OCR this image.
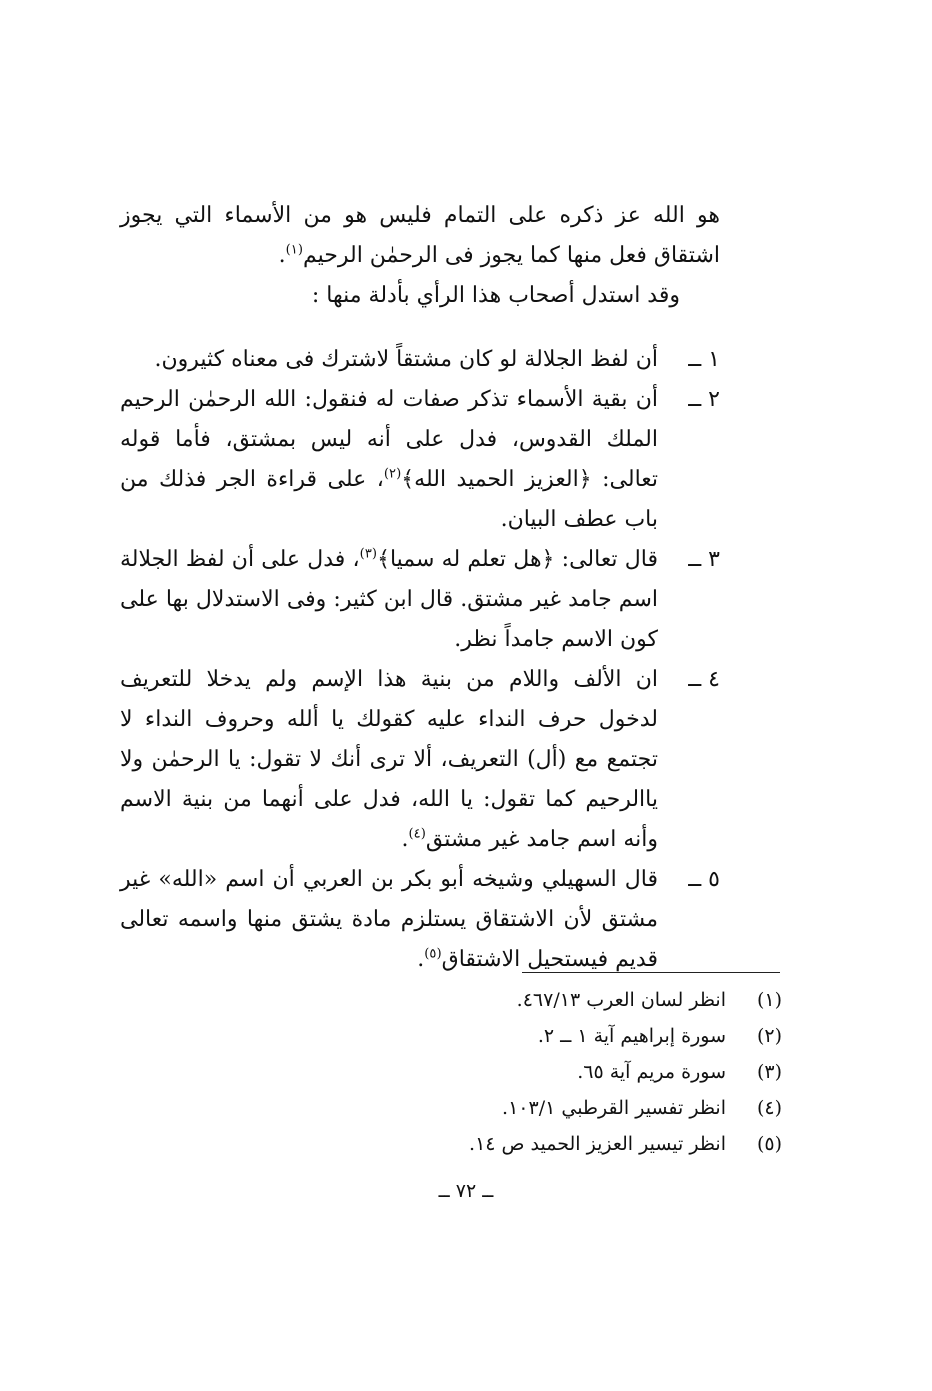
هو الله عز ذكره على التمام فليس هو من الأسماء التي يجوز اشتقاق فعل منها كما يجوز فى الرحمٰن الرحيم$^{(١)}$.

وقد استدل أصحاب هذا الرأي بأدلة منها :

١ ــ
أن لفظ الجلالة لو كان مشتقاً لاشترك فى معناه كثيرون.
٢ ــ
أن بقية الأسماء تذكر صفات له فنقول: الله الرحمٰن الرحيم الملك القدوس، فدل على أنه ليس بمشتق، فأما قوله تعالى: ﴿العزيز الحميد الله﴾$^{(٢)}$، على قراءة الجر فذلك من باب عطف البيان.
٣ ــ
قال تعالى: ﴿هل تعلم له سميا﴾$^{(٣)}$، فدل على أن لفظ الجلالة اسم جامد غير مشتق. قال ابن كثير: وفى الاستدلال بها على كون الاسم جامداً نظر.
٤ ــ
ان الألف واللام من بنية هذا الإسم ولم يدخلا للتعريف لدخول حرف النداء عليه كقولك يا ألله وحروف النداء لا تجتمع مع (أل) التعريف، ألا ترى أنك لا تقول: يا الرحمٰن ولا ياالرحيم كما تقول: يا الله، فدل على أنهما من بنية الاسم وأنه اسم جامد غير مشتق$^{(٤)}$.
٥ ــ
قال السهيلي وشيخه أبو بكر بن العربي أن اسم «الله» غير مشتق لأن الاشتقاق يستلزم مادة يشتق منها واسمه تعالى قديم فيستحيل الاشتقاق$^{(٥)}$.
(١)
انظر لسان العرب ٤٦٧/١٣.
(٢)
سورة إبراهيم آية ١ ــ ٢.
(٣)
سورة مريم آية ٦٥.
(٤)
انظر تفسير القرطبي ١٠٣/١.
(٥)
انظر تيسير العزيز الحميد ص ١٤.
ــ ٧٢ ــ
